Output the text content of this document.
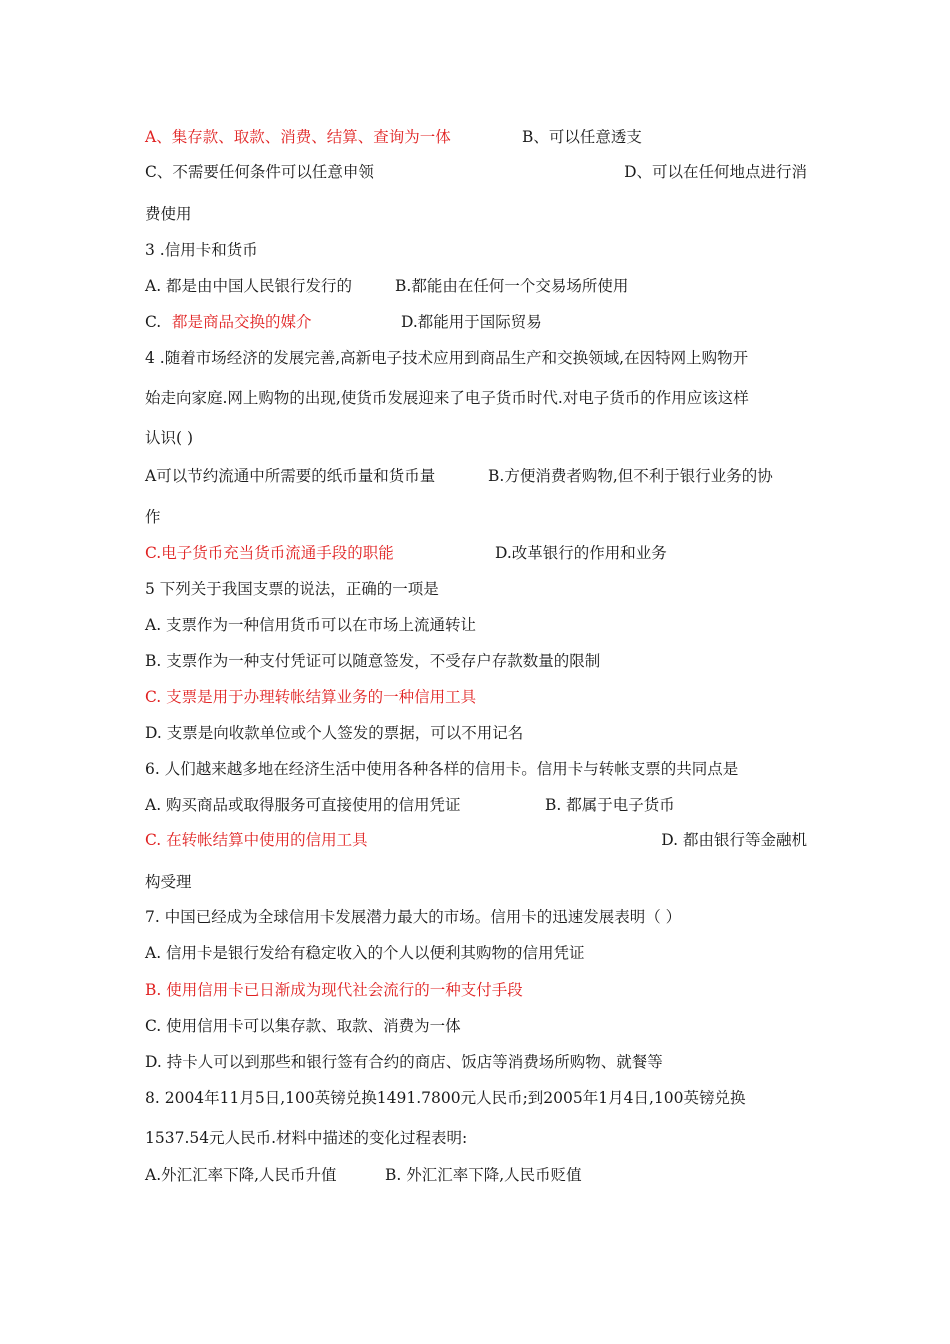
A、集存款、取款、消费、结算、查询为一体	B、可以任意透支
C、不需要任何条件可以任意申领	D、可以在任何地点进行消
费使用
3 .信用卡和货币
A. 都是由中国人民银行发行的	B.都能由在任何一个交易场所使用
C. 都是商品交换的媒介	D.都能用于国际贸易
4 .随着市场经济的发展完善,高新电子技术应用到商品生产和交换领域,在因特网上购物开
始走向家庭.网上购物的出现,使货币发展迎来了电子货币时代.对电子货币的作用应该这样
认识( )
A可以节约流通中所需要的纸币量和货币量	B.方便消费者购物,但不利于银行业务的协
作
C.电子货币充当货币流通手段的职能	D.改革银行的作用和业务
5 下列关于我国支票的说法，正确的一项是
A. 支票作为一种信用货币可以在市场上流通转让
B. 支票作为一种支付凭证可以随意签发，不受存户存款数量的限制
C. 支票是用于办理转帐结算业务的一种信用工具
D. 支票是向收款单位或个人签发的票据，可以不用记名
6. 人们越来越多地在经济生活中使用各种各样的信用卡。信用卡与转帐支票的共同点是
A. 购买商品或取得服务可直接使用的信用凭证	B. 都属于电子货币
C. 在转帐结算中使用的信用工具	D. 都由银行等金融机
构受理
7. 中国已经成为全球信用卡发展潜力最大的市场。信用卡的迅速发展表明（ ）
A. 信用卡是银行发给有稳定收入的个人以便利其购物的信用凭证
B. 使用信用卡已日渐成为现代社会流行的一种支付手段
C. 使用信用卡可以集存款、取款、消费为一体
D. 持卡人可以到那些和银行签有合约的商店、饭店等消费场所购物、就餐等
8. 2004年11月5日,100英镑兑换1491.7800元人民币;到2005年1月4日,100英镑兑换
1537.54元人民币.材料中描述的变化过程表明:
A.外汇汇率下降,人民币升值	B. 外汇汇率下降,人民币贬值
